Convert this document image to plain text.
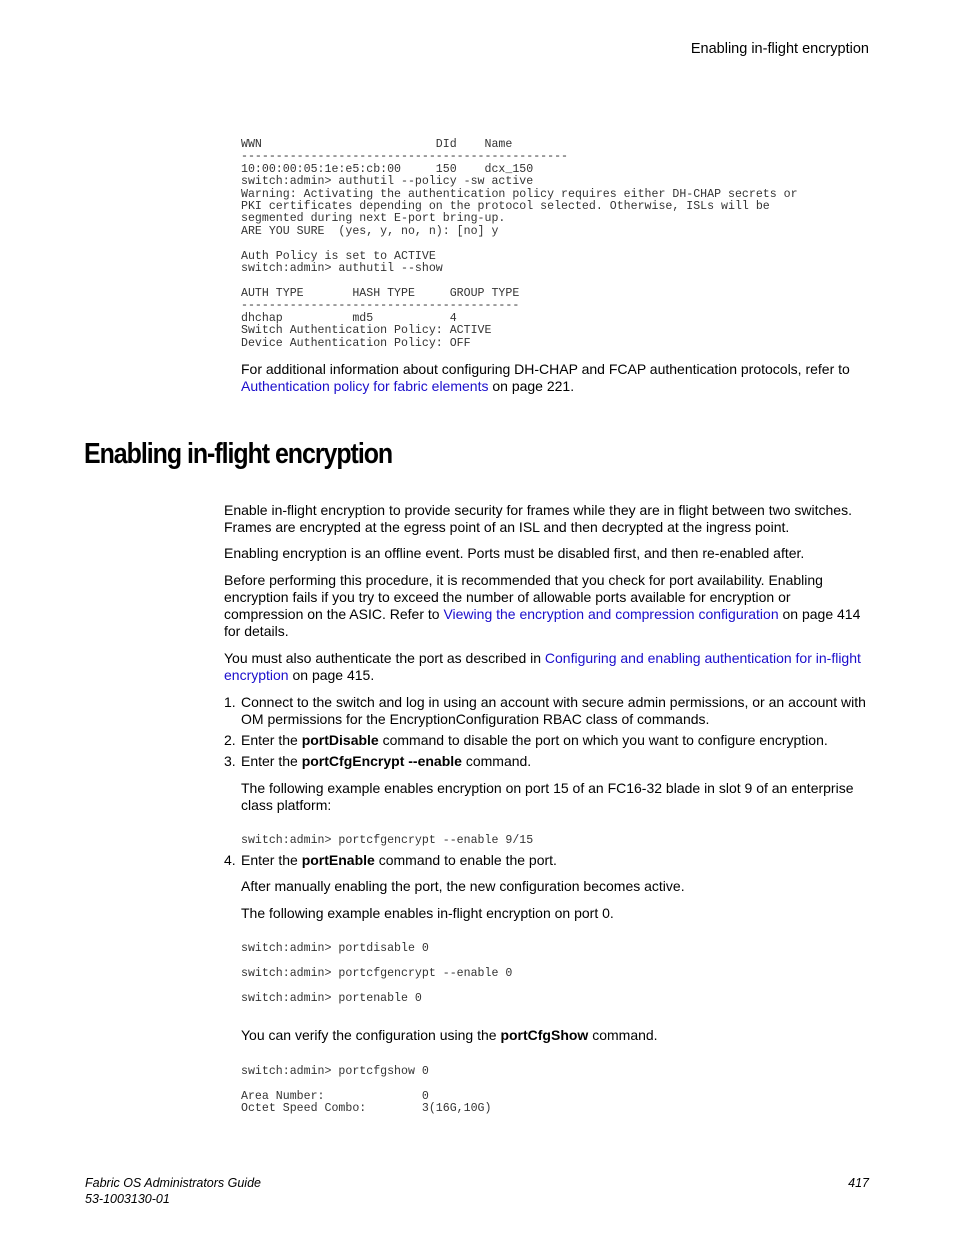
Enabling in-flight encryption
WWN                         DId    Name
-----------------------------------------------
10:00:00:05:1e:e5:cb:00     150    dcx_150
switch:admin> authutil --policy -sw active
Warning: Activating the authentication policy requires either DH-CHAP secrets or
PKI certificates depending on the protocol selected. Otherwise, ISLs will be
segmented during next E-port bring-up.
ARE YOU SURE  (yes, y, no, n): [no] y

Auth Policy is set to ACTIVE
switch:admin> authutil --show

AUTH TYPE       HASH TYPE     GROUP TYPE
----------------------------------------
dhchap          md5           4
Switch Authentication Policy: ACTIVE
Device Authentication Policy: OFF
For additional information about configuring DH-CHAP and FCAP authentication protocols, refer to
Authentication policy for fabric elements on page 221.
Enabling in-flight encryption

Enable in-flight encryption to provide security for frames while they are in flight between two switches. Frames are encrypted at the egress point of an ISL and then decrypted at the ingress point.

Enabling encryption is an offline event. Ports must be disabled first, and then re-enabled after.

Before performing this procedure, it is recommended that you check for port availability. Enabling encryption fails if you try to exceed the number of allowable ports available for encryption or compression on the ASIC. Refer to Viewing the encryption and compression configuration on page 414 for details.

You must also authenticate the port as described in Configuring and enabling authentication for in-flight encryption on page 415.

1. Connect to the switch and log in using an account with secure admin permissions, or an account with OM permissions for the EncryptionConfiguration RBAC class of commands.
2. Enter the portDisable command to disable the port on which you want to configure encryption.
3. Enter the portCfgEncrypt --enable command.

The following example enables encryption on port 15 of an FC16-32 blade in slot 9 of an enterprise class platform:

switch:admin> portcfgencrypt --enable 9/15
4. Enter the portEnable command to enable the port.

After manually enabling the port, the new configuration becomes active.

The following example enables in-flight encryption on port 0.

switch:admin> portdisable 0
switch:admin> portcfgencrypt --enable 0
switch:admin> portenable 0
You can verify the configuration using the portCfgShow command.
switch:admin> portcfgshow 0

Area Number:              0
Octet Speed Combo:        3(16G,10G)
Fabric OS Administrators Guide
53-1003130-01
417
